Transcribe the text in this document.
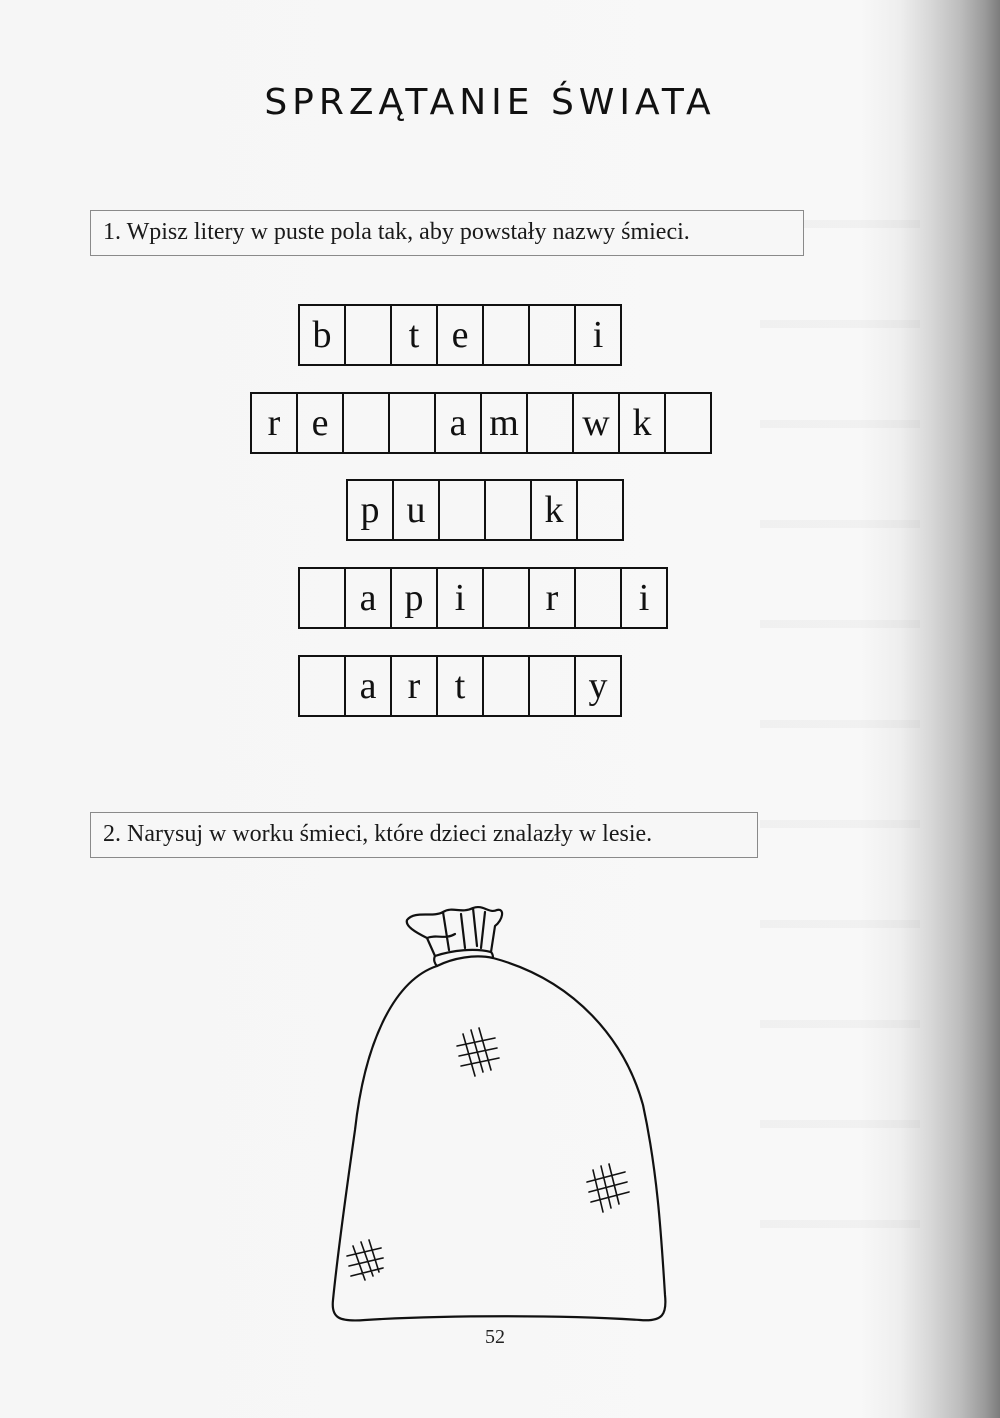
SPRZĄTANIE ŚWIATA
1. Wpisz litery w puste pola tak, aby powstały nazwy śmieci.
b	t e	i
r e	a m w k
p u	k
a p i	r	i
a r t	y
2. Narysuj w worku śmieci, które dzieci znalazły w lesie.
52
